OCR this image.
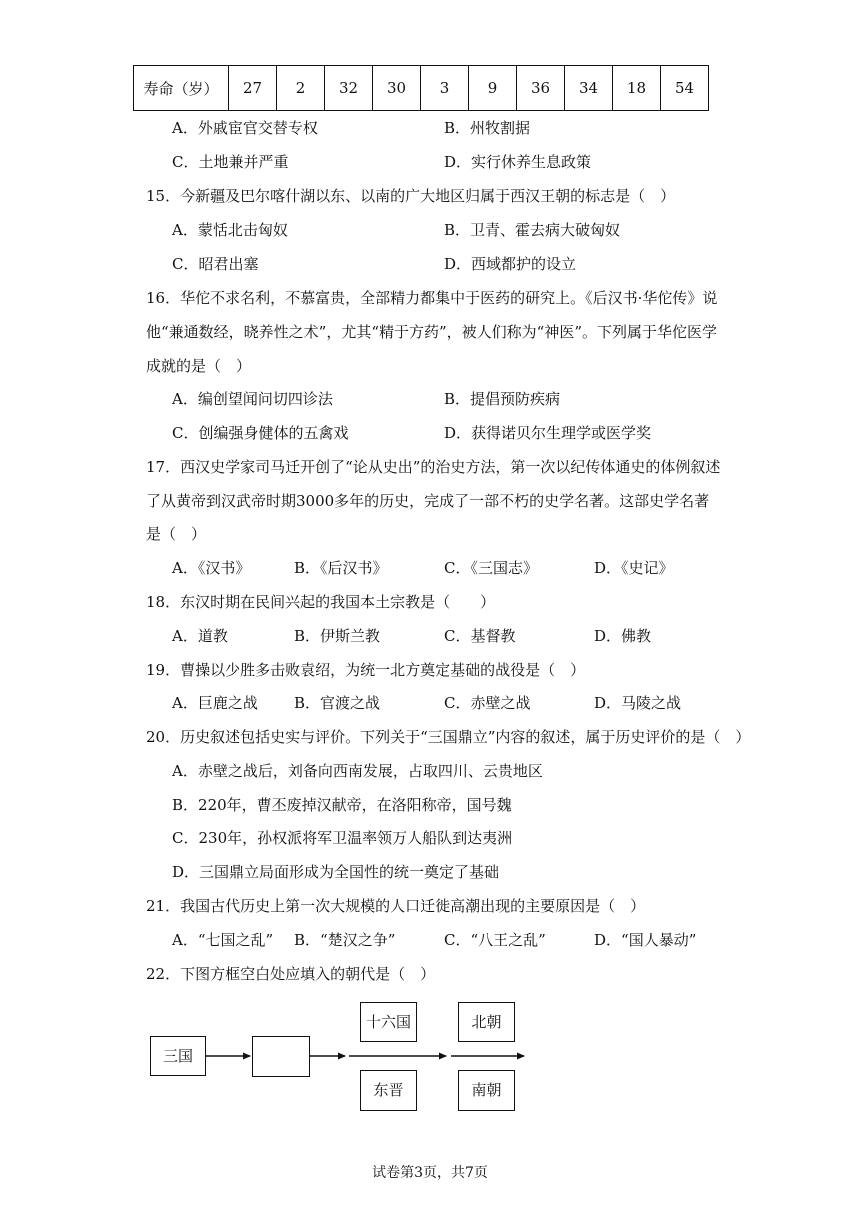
寿命（岁）	27	2	32	30	3	9	36	34	18	54
A．外戚宦官交替专权	B．州牧割据
C．土地兼并严重	D．实行休养生息政策
15．今新疆及巴尔喀什湖以东、以南的广大地区归属于西汉王朝的标志是（　）
A．蒙恬北击匈奴	B．卫青、霍去病大破匈奴
C．昭君出塞	D．西域都护的设立
16．华佗不求名利，不慕富贵，全部精力都集中于医药的研究上。《后汉书·华佗传》说
他“兼通数经，晓养性之术”，尤其“精于方药”，被人们称为“神医”。下列属于华佗医学
成就的是（　）
A．编创望闻问切四诊法	B．提倡预防疾病
C．创编强身健体的五禽戏	D．获得诺贝尔生理学或医学奖
17．西汉史学家司马迁开创了“论从史出”的治史方法，第一次以纪传体通史的体例叙述
了从黄帝到汉武帝时期3000多年的历史，完成了一部不朽的史学名著。这部史学名著
是（　）
A．《汉书》	B．《后汉书》	C．《三国志》	D．《史记》
18．东汉时期在民间兴起的我国本土宗教是（　　）
A．道教	B．伊斯兰教	C．基督教	D．佛教
19．曹操以少胜多击败袁绍，为统一北方奠定基础的战役是（　）
A．巨鹿之战 B．官渡之战	C．赤壁之战	D．马陵之战
20．历史叙述包括史实与评价。下列关于“三国鼎立”内容的叙述，属于历史评价的是（　）
A．赤壁之战后，刘备向西南发展，占取四川、云贵地区
B．220年，曹丕废掉汉献帝，在洛阳称帝，国号魏
C．230年，孙权派将军卫温率领万人船队到达夷洲
D．三国鼎立局面形成为全国性的统一奠定了基础
21．我国古代历史上第一次大规模的人口迁徙高潮出现的主要原因是（　）
A．“七国之乱” B．“楚汉之争”	C．“八王之乱”	D．“国人暴动”
22．下图方框空白处应填入的朝代是（　）
三国
十六国	北朝
东晋	南朝
试卷第3页，共7页
